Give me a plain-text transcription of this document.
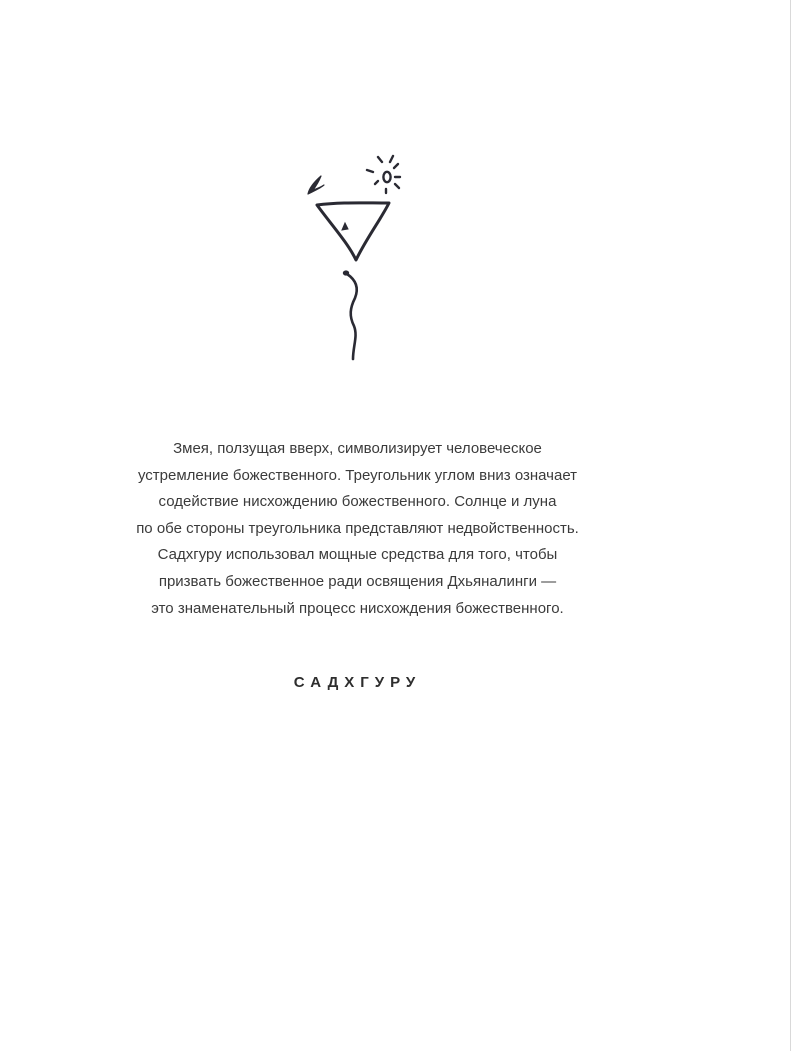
Змея, ползущая вверх, символизирует человеческое
устремление божественного. Треугольник углом вниз означает
содействие нисхождению божественного. Солнце и луна
по обе стороны треугольника представляют недвойственность.
Садхгуру использовал мощные средства для того, чтобы
призвать божественное ради освящения Дхьяналинги —
это знаменательный процесс нисхождения божественного.
САДХГУРУ
